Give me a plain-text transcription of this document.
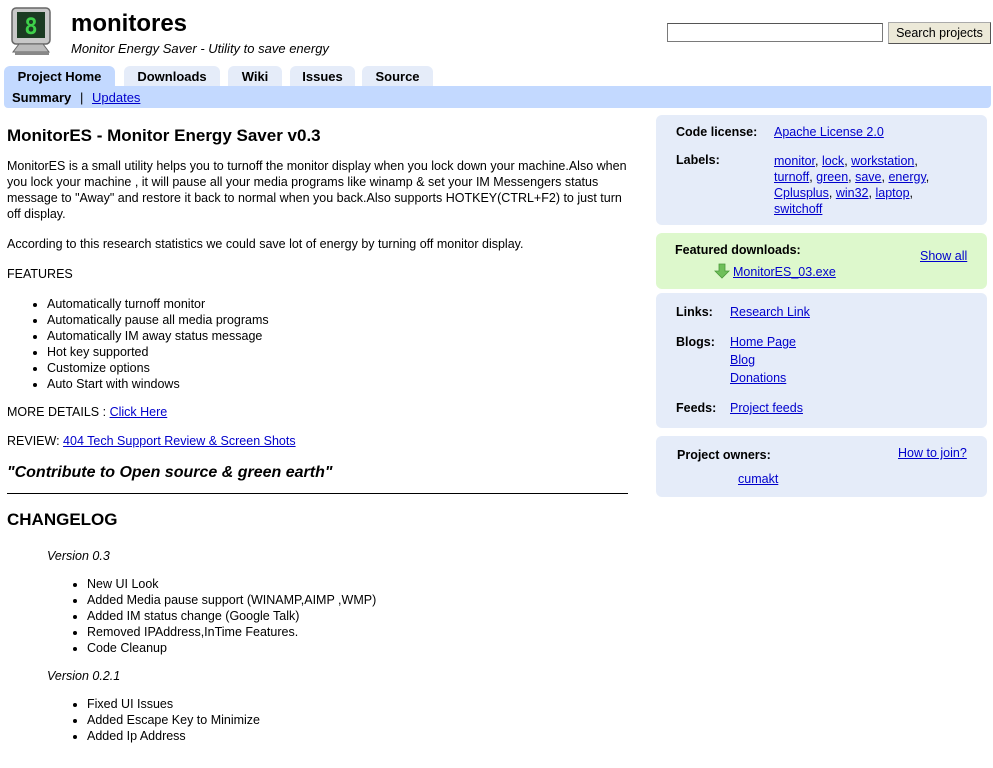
8 monitores
Monitor Energy Saver - Utility to save energy
Search projects
Project Home	Downloads	Wiki	Issues	Source
Summary | Updates
MonitorES - Monitor Energy Saver v0.3

MonitorES is a small utility helps you to turnoff the monitor display when you lock down your machine.Also when you lock your machine , it will pause all your media programs like winamp & set your IM Messengers status message to "Away" and restore it back to normal when you back.Also supports HOTKEY(CTRL+F2) to just turn off display.

According to this research statistics we could save lot of energy by turning off monitor display.

FEATURES
• Automatically turnoff monitor
• Automatically pause all media programs
• Automatically IM away status message
• Hot key supported
• Customize options
• Auto Start with windows

MORE DETAILS : Click Here

REVIEW: 404 Tech Support Review & Screen Shots

"Contribute to Open source & green earth"
CHANGELOG
Version 0.3
• New UI Look
• Added Media pause support (WINAMP,AIMP ,WMP)
• Added IM status change (Google Talk)
• Removed IPAddress,InTime Features.
• Code Cleanup
Version 0.2.1
• Fixed UI Issues
• Added Escape Key to Minimize
• Added Ip Address
Code license: Apache License 2.0
Labels:	monitor, lock, workstation,
turnoff, green, save, energy,
Cplusplus, win32, laptop,
switchoff
Featured downloads:	Show all
MonitorES_03.exe
Links: Research Link
Blogs: Home Page
Blog
Donations
Feeds: Project feeds
Project owners:	How to join?
cumakt
